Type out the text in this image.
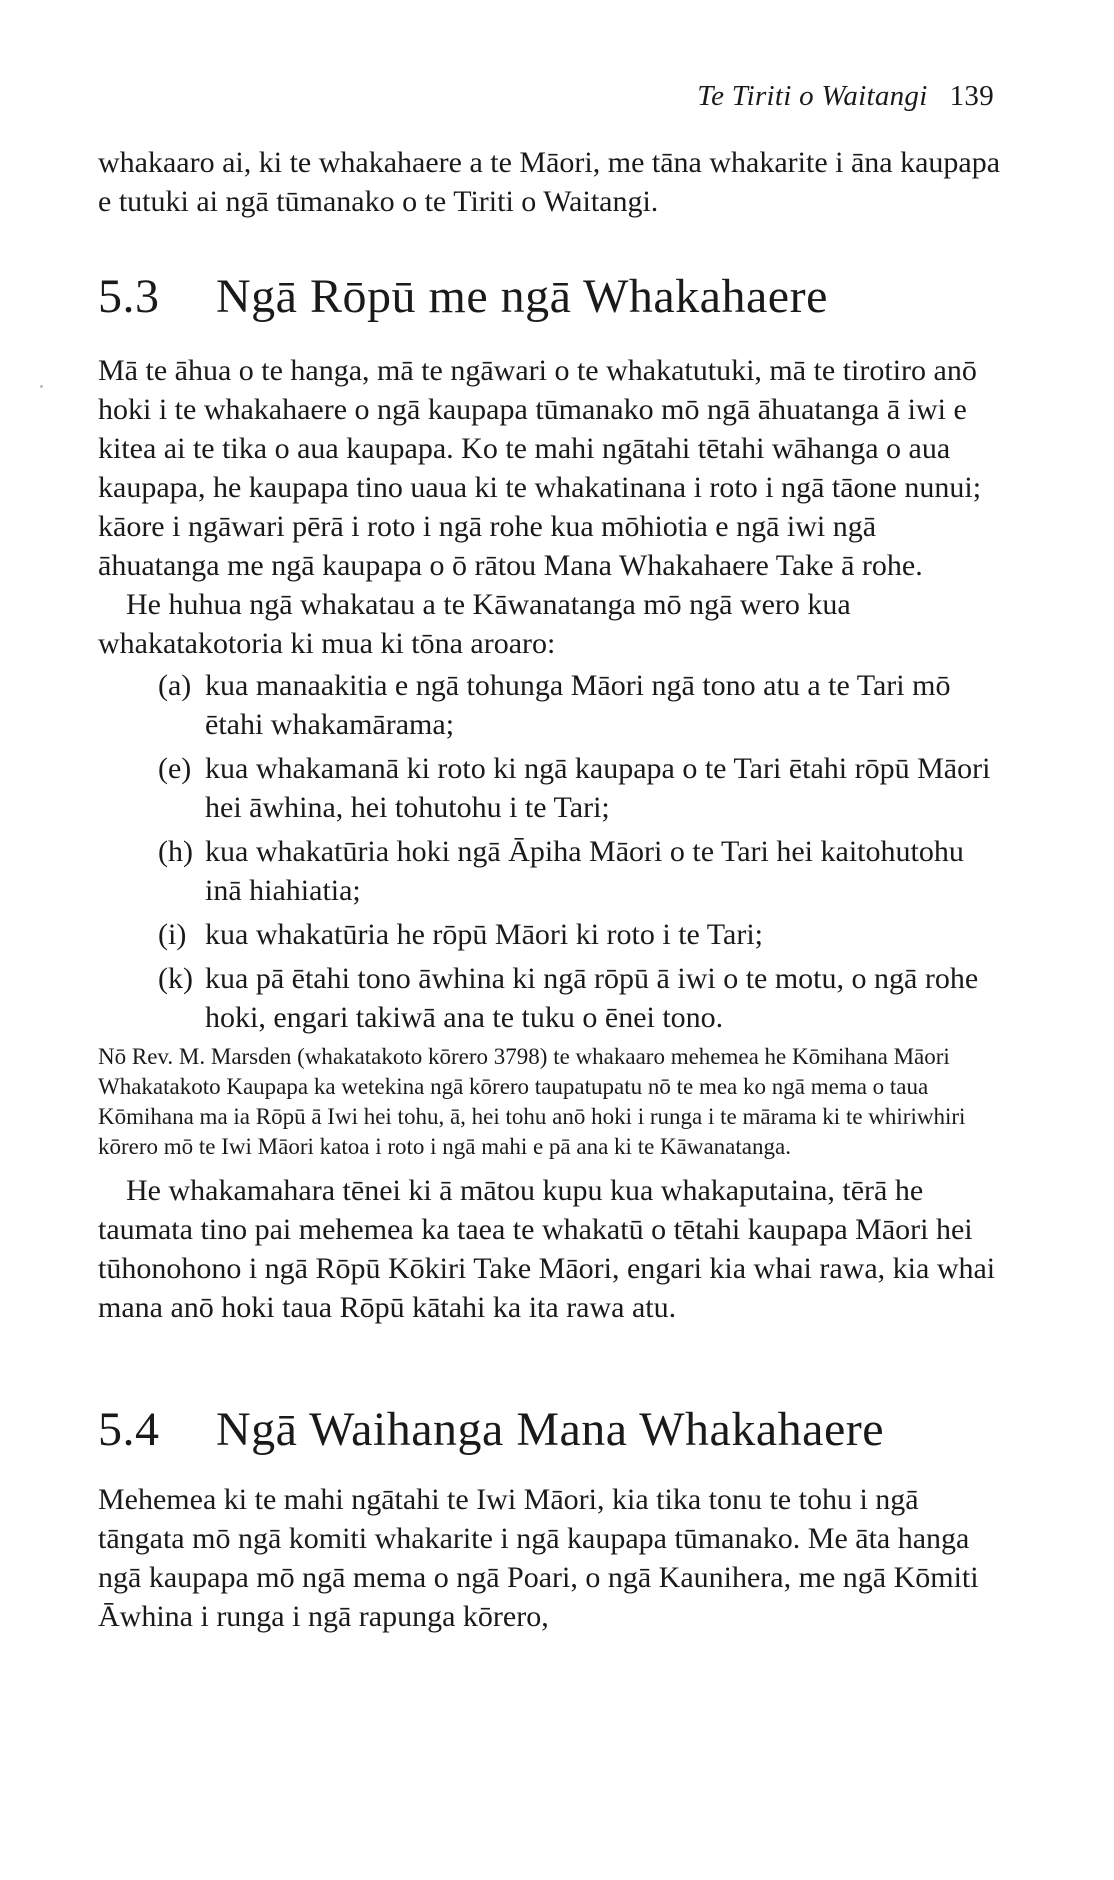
Te Tiriti o Waitangi 139

whakaaro ai, ki te whakahaere a te Māori, me tāna whakarite i āna kaupapa e tutuki ai ngā tūmanako o te Tiriti o Waitangi.

5.3 Ngā Rōpū me ngā Whakahaere

Mā te āhua o te hanga, mā te ngāwari o te whakatutuki, mā te tirotiro anō hoki i te whakahaere o ngā kaupapa tūmanako mō ngā āhuatanga ā iwi e kitea ai te tika o aua kaupapa. Ko te mahi ngātahi tētahi wāhanga o aua kaupapa, he kaupapa tino uaua ki te whakatinana i roto i ngā tāone nunui; kāore i ngāwari pērā i roto i ngā rohe kua mōhiotia e ngā iwi ngā āhuatanga me ngā kaupapa o ō rātou Mana Whakahaere Take ā rohe.

He huhua ngā whakatau a te Kāwanatanga mō ngā wero kua whakatakotoria ki mua ki tōna aroaro:

(a) kua manaakitia e ngā tohunga Māori ngā tono atu a te Tari mō ētahi whakamārama;
(e) kua whakamanā ki roto ki ngā kaupapa o te Tari ētahi rōpū Māori hei āwhina, hei tohutohu i te Tari;
(h) kua whakatūria hoki ngā Āpiha Māori o te Tari hei kaitohutohu inā hiahiatia;
(i) kua whakatūria he rōpū Māori ki roto i te Tari;
(k) kua pā ētahi tono āwhina ki ngā rōpū ā iwi o te motu, o ngā rohe hoki, engari takiwā ana te tuku o ēnei tono.

Nō Rev. M. Marsden (whakatakoto kōrero 3798) te whakaaro mehemea he Kōmihana Māori Whakatakoto Kaupapa ka wetekina ngā kōrero taupatupatu nō te mea ko ngā mema o taua Kōmihana ma ia Rōpū ā Iwi hei tohu, ā, hei tohu anō hoki i runga i te mārama ki te whiriwhiri kōrero mō te Iwi Māori katoa i roto i ngā mahi e pā ana ki te Kāwanatanga.

He whakamahara tēnei ki ā mātou kupu kua whakaputaina, tērā he taumata tino pai mehemea ka taea te whakatū o tētahi kaupapa Māori hei tūhonohono i ngā Rōpū Kōkiri Take Māori, engari kia whai rawa, kia whai mana anō hoki taua Rōpū kātahi ka ita rawa atu.

5.4 Ngā Waihanga Mana Whakahaere

Mehemea ki te mahi ngātahi te Iwi Māori, kia tika tonu te tohu i ngā tāngata mō ngā komiti whakarite i ngā kaupapa tūmanako. Me āta hanga ngā kaupapa mō ngā mema o ngā Poari, o ngā Kaunihera, me ngā Kōmiti Āwhina i runga i ngā rapunga kōrero,
